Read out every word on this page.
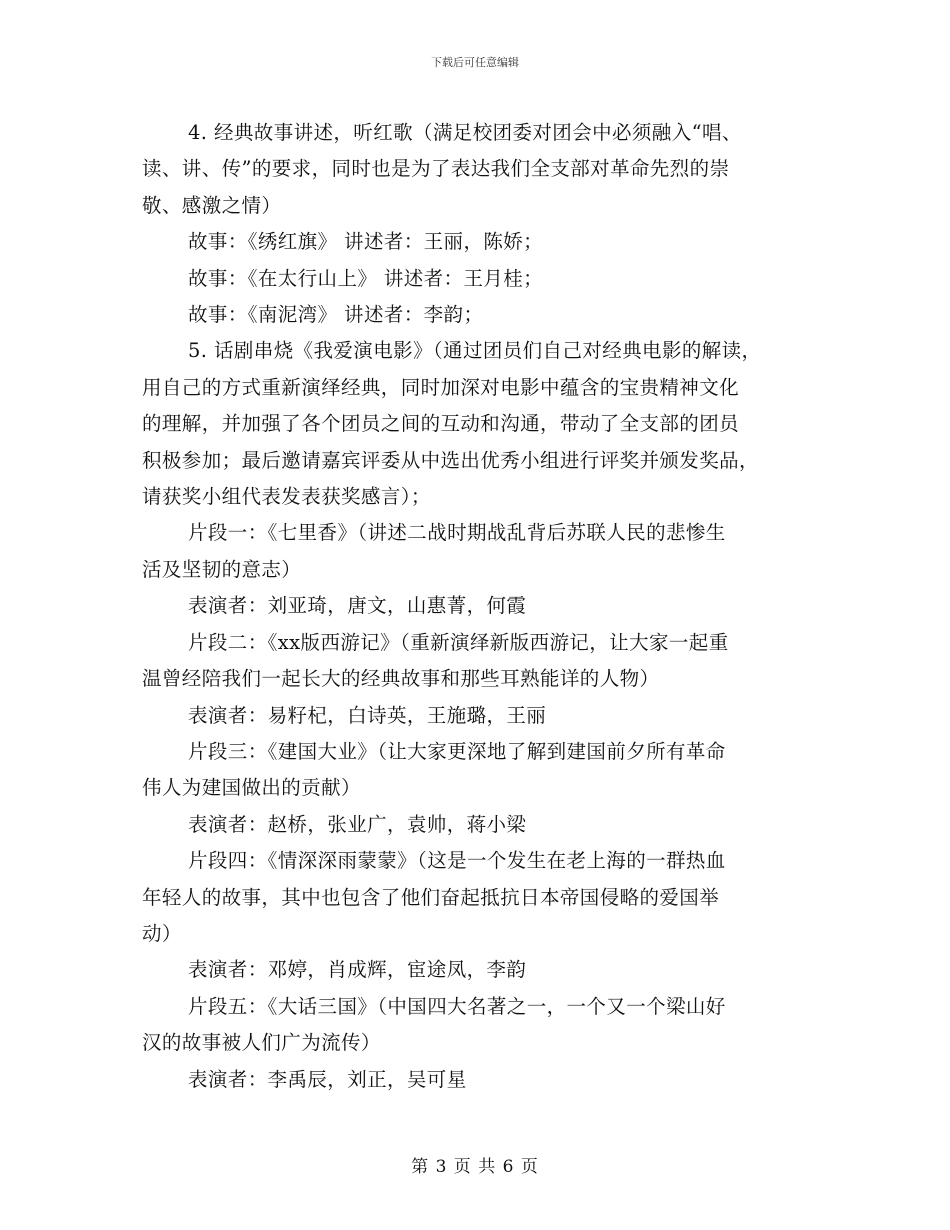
下载后可任意编辑

4. 经典故事讲述，听红歌（满足校团委对团会中必须融入“唱、

读、讲、传”的要求，同时也是为了表达我们全支部对革命先烈的崇

敬、感激之情）

故事：《绣红旗》 讲述者：王丽，陈娇；

故事：《在太行山上》 讲述者：王月桂；

故事：《南泥湾》 讲述者：李韵；

5. 话剧串烧《我爱演电影》（通过团员们自己对经典电影的解读，

用自己的方式重新演绎经典，同时加深对电影中蕴含的宝贵精神文化

的理解，并加强了各个团员之间的互动和沟通，带动了全支部的团员

积极参加；最后邀请嘉宾评委从中选出优秀小组进行评奖并颁发奖品，

请获奖小组代表发表获奖感言）；

片段一：《七里香》（讲述二战时期战乱背后苏联人民的悲惨生

活及坚韧的意志）

表演者：刘亚琦，唐文，山惠菁，何霞

片段二：《xx版西游记》（重新演绎新版西游记，让大家一起重

温曾经陪我们一起长大的经典故事和那些耳熟能详的人物）

表演者：易籽杞，白诗英，王施璐，王丽

片段三：《建国大业》（让大家更深地了解到建国前夕所有革命

伟人为建国做出的贡献）

表演者：赵桥，张业广，袁帅，蒋小梁

片段四：《情深深雨蒙蒙》（这是一个发生在老上海的一群热血

年轻人的故事，其中也包含了他们奋起抵抗日本帝国侵略的爱国举

动）

表演者：邓婷，肖成辉，宦途凤，李韵

片段五：《大话三国》（中国四大名著之一，一个又一个梁山好

汉的故事被人们广为流传）

表演者：李禹辰，刘正，吴可星

第 3 页 共 6 页
